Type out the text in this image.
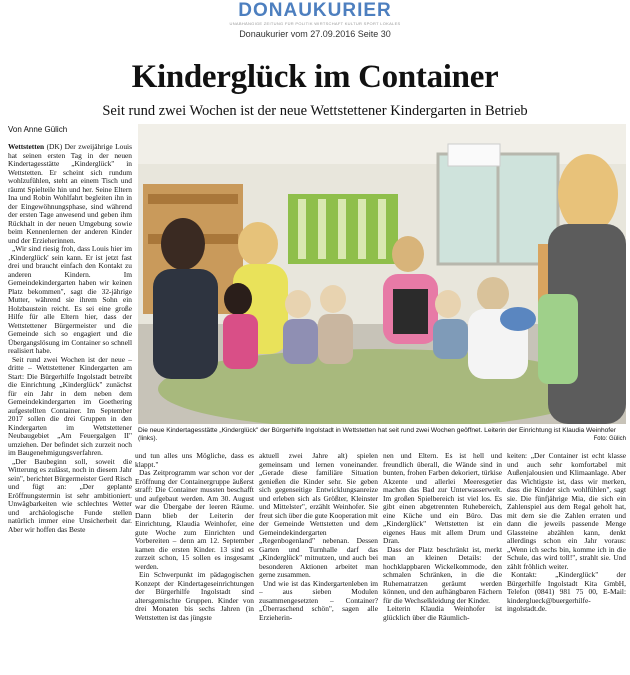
DONAUKURIER
UNABHÄNGIGE ZEITUNG FÜR POLITIK WIRTSCHAFT KULTUR SPORT LOKALES
Donaukurier vom 27.09.2016 Seite 30
Kinderglück im Container
Seit rund zwei Wochen ist der neue Wettstettener Kindergarten in Betrieb
Von Anne Gülich

Wettstetten (DK) Der zweijährige Louis hat seinen ersten Tag in der neuen Kindertagesstätte „Kinderglück" in Wettstetten. Er scheint sich rundum wohlzufühlen, steht an einem Tisch und räumt Spielteile hin und her. Seine Eltern Ina und Robin Wohlfahrt begleiten ihn in der Eingewöhnungsphase, sind während der ersten Tage anwesend und geben ihm Rückhalt in der neuen Umgebung sowie beim Kennenlernen der anderen Kinder und der Erzieherinnen.

„Wir sind riesig froh, dass Louis hier im ‚Kinderglück' sein kann. Er ist jetzt fast drei und braucht einfach den Kontakt zu anderen Kindern. Im Gemeindekindergarten haben wir keinen Platz bekommen", sagt die 32-jährige Mutter, während sie ihrem Sohn ein Holzbaustein reicht. Es sei eine große Hilfe für alle Eltern hier, dass der Wettstettener Bürgermeister und die Gemeinde sich so engagiert und die Übergangslösung im Container so schnell realisiert habe.

Seit rund zwei Wochen ist der neue – dritte – Wettstettener Kindergarten am Start: Die Bürgerhilfe Ingolstadt betreibt die Einrichtung „Kinderglück" zunächst für ein Jahr in dem neben dem Gemeindekindergarten im Goethering aufgestellten Container. Im September 2017 sollen die drei Gruppen in den Kindergarten im Wettstettener Neubaugebiet „Am Feuergalgen II" umziehen. Der befindet sich zurzeit noch im Baugenehmigungsverfahren.

„Der Baubeginn soll, soweit die Witterung es zulässt, noch in diesem Jahr sein", berichtet Bürgermeister Gerd Risch und fügt an: „Der geplante Eröffnungstermin ist sehr ambitioniert. Unwägbarkeiten wie schlechtes Wetter und archäologische Funde stellen natürlich immer eine Unsicherheit dar. Aber wir hoffen das Beste

Die neue Kindertagesstätte „Kinderglück" der Bürgerhilfe Ingolstadt in Wettstetten hat seit rund zwei Wochen geöffnet. Leiterin der Einrichtung ist Klaudia Weinhofer (links).	Foto: Gülich

und tun alles uns Mögliche, dass es klappt."

Das Zeitprogramm war schon vor der Eröffnung der Containergruppe äußerst straff: Die Container mussten beschafft und aufgebaut werden. Am 30. August war die Übergabe der leeren Räume. Dann blieb der Leiterin der Einrichtung, Klaudia Weinhofer, eine gute Woche zum Einrichten und Vorbereiten – denn am 12. September kamen die ersten Kinder. 13 sind es zurzeit schon, 15 sollen es insgesamt werden.

Ein Schwerpunkt im pädagogischen Konzept der Kindertageseinrichtungen der Bürgerhilfe Ingolstadt sind altersgemischte Gruppen. Kinder von drei Monaten bis sechs Jahren (in Wettstetten ist das jüngste

aktuell zwei Jahre alt) spielen gemeinsam und lernen voneinander. „Gerade diese familiäre Situation genießen die Kinder sehr. Sie geben sich gegenseitige Entwicklungsanreize und erleben sich als Größter, Kleinster und Mittelster", erzählt Weinhofer. Sie freut sich über die gute Kooperation mit der Gemeinde Wettstetten und dem Gemeindekindergarten „Regenbogenland" nebenan. Dessen Garten und Turnhalle darf das „Kinderglück" mitnutzen, und auch bei besonderen Aktionen arbeitet man gerne zusammen.

Und wie ist das Kindergartenleben im – aus sieben Modulen zusammengesetzten – Container? „Überraschend schön", sagen alle Erzieherin-

nen und Eltern. Es ist hell und freundlich überall, die Wände sind in bunten, frohen Farben dekoriert, türkise Akzente und allerlei Meeresgetier machen das Bad zur Unterwasserwelt. Im großen Spielbereich ist viel los. Es gibt einen abgetrennten Ruhebereich, eine Küche und ein Büro. Das „Kinderglück" Wettstetten ist ein eigenes Haus mit allem Drum und Dran.

Dass der Platz beschränkt ist, merkt man an kleinen Details: der hochklappbaren Wickelkommode, den schmalen Schränken, in die die Ruhematratzen geräumt werden können, und den aufhängbaren Fächern für die Wechselkleidung der Kinder.

Leiterin Klaudia Weinhofer ist glücklich über die Räumlich-

keiten: „Der Container ist echt klasse und auch sehr komfortabel mit Außenjalousien und Klimaanlage. Aber das Wichtigste ist, dass wir merken, dass die Kinder sich wohlfühlen", sagt sie. Die fünfjährige Mia, die sich ein Zahlenspiel aus dem Regal geholt hat, mit dem sie die Zahlen erraten und dann die jeweils passende Menge Glassteine abzählen kann, denkt allerdings schon ein Jahr voraus: „Wenn ich sechs bin, komme ich in die Schule, das wird toll!", strahlt sie. Und zählt fröhlich weiter.

Kontakt: „Kinderglück" der Bürgerhilfe Ingolstadt Kita GmbH, Telefon (0841) 981 75 00, E-Mail: kinderglueck@buergerhilfe-ingolstadt.de.
